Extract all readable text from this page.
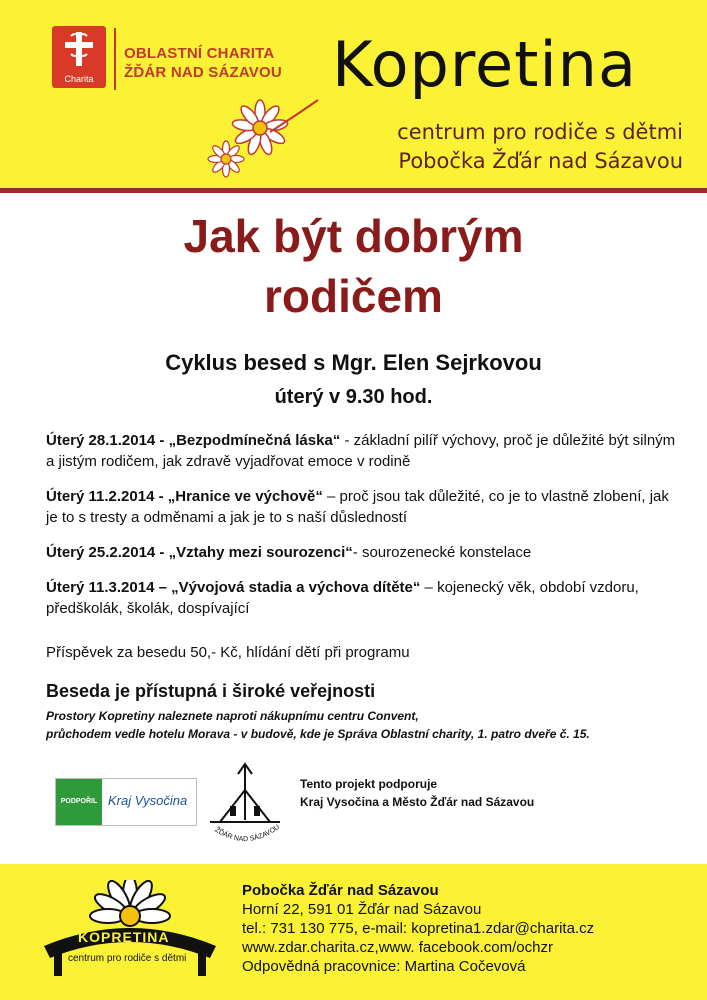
Charita
OBLASTNÍ CHARITA
ŽĎÁR NAD SÁZAVOU Kopretina
centrum pro rodiče s dětmi
Pobočka Žďár nad Sázavou
Jak být dobrým
rodičem
Cyklus besed s Mgr. Elen Sejrkovou
úterý v 9.30 hod.
Úterý 28.1.2014 - „Bezpodmínečná láska“ - základní pilíř výchovy, proč je důležité být silným a jistým rodičem, jak zdravě vyjadřovat emoce v rodině
Úterý 11.2.2014 - „Hranice ve výchově“ – proč jsou tak důležité, co je to vlastně zlobení, jak je to s tresty a odměnami a jak je to s naší důsledností
Úterý 25.2.2014 - „Vztahy mezi sourozenci“- sourozenecké konstelace
Úterý 11.3.2014 – „Vývojová stadia a výchova dítěte“ – kojenecký věk, období vzdoru, předškolák, školák, dospívající
Příspěvek za besedu 50,- Kč, hlídání dětí při programu
Beseda je přístupná i široké veřejnosti
Prostory Kopretiny naleznete naproti nákupnímu centru Convent,
průchodem vedle hotelu Morava - v budově, kde je Správa Oblastní charity, 1. patro dveře č. 15.
PODPOŘIL Kraj Vysočina
ŽĎÁR NAD SÁZAVOU
Tento projekt podporuje
Kraj Vysočina a Město Žďár nad Sázavou
KOPRETINA
centrum pro rodiče s dětmi
Pobočka Žďár nad Sázavou
Horní 22, 591 01 Žďár nad Sázavou
tel.: 731 130 775, e-mail: kopretina1.zdar@charita.cz
www.zdar.charita.cz,www. facebook.com/ochzr
Odpovědná pracovnice: Martina Cočevová
